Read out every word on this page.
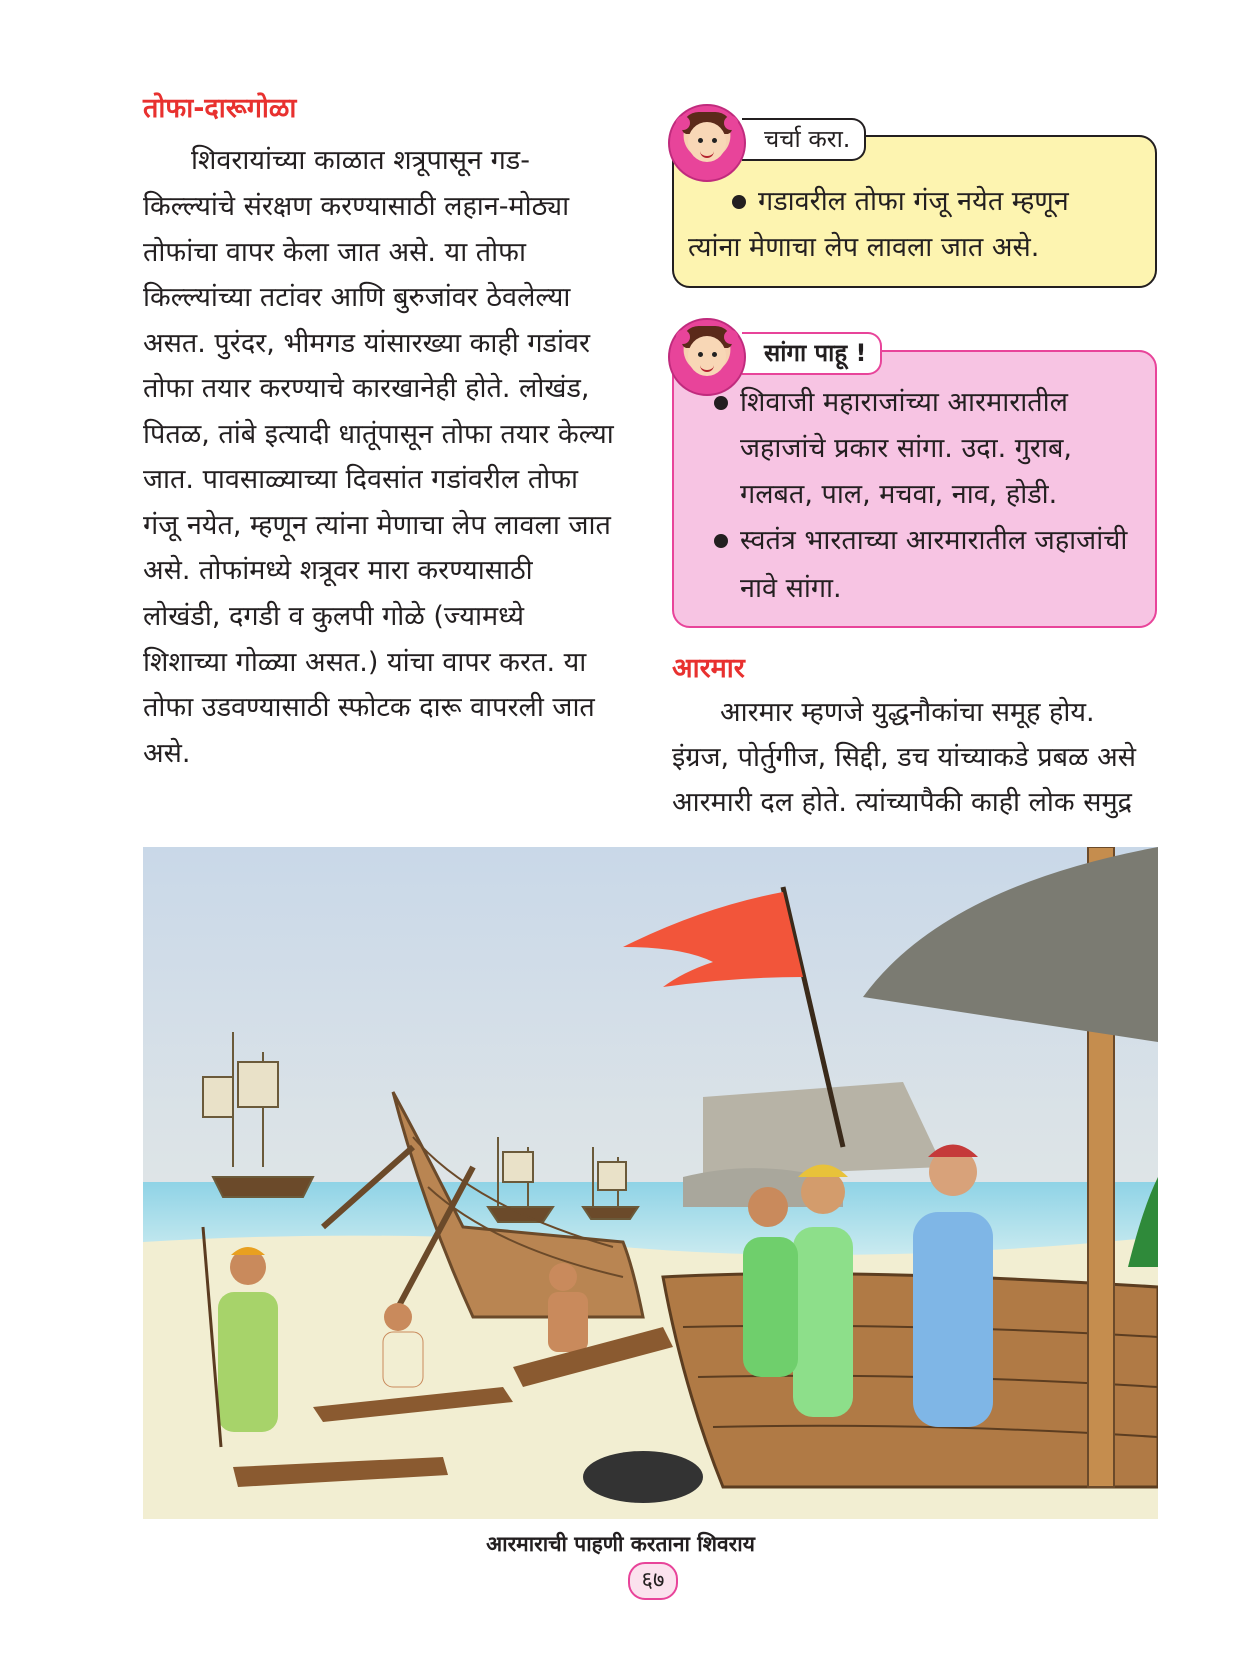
तोफा-दारूगोळा

शिवरायांच्या काळात शत्रूपासून गड-

किल्ल्यांचे संरक्षण करण्यासाठी लहान-मोठ्या

तोफांचा वापर केला जात असे. या तोफा

किल्ल्यांच्या तटांवर आणि बुरुजांवर ठेवलेल्या

असत. पुरंदर, भीमगड यांसारख्या काही गडांवर

तोफा तयार करण्याचे कारखानेही होते. लोखंड,

पितळ, तांबे इत्यादी धातूंपासून तोफा तयार केल्या

जात. पावसाळ्याच्या दिवसांत गडांवरील तोफा

गंजू नयेत, म्हणून त्यांना मेणाचा लेप लावला जात

असे. तोफांमध्ये शत्रूवर मारा करण्यासाठी

लोखंडी, दगडी व कुलपी गोळे (ज्यामध्ये

शिशाच्या गोळ्या असत.) यांचा वापर करत. या

तोफा उडवण्यासाठी स्फोटक दारू वापरली जात

असे.

गडावरील तोफा गंजू नयेत म्हणून

त्यांना मेणाचा लेप लावला जात असे.

चर्चा करा.

शिवाजी महाराजांच्या आरमारातील

जहाजांचे प्रकार सांगा. उदा. गुराब,

गलबत, पाल, मचवा, नाव, होडी.

स्वतंत्र भारताच्या आरमारातील जहाजांची

नावे सांगा.

सांगा पाहू !

आरमार

आरमार म्हणजे युद्धनौकांचा समूह होय.

इंग्रज, पोर्तुगीज, सिद्दी, डच यांच्याकडे प्रबळ असे

आरमारी दल होते. त्यांच्यापैकी काही लोक समुद्र

आरमाराची पाहणी करताना शिवराय

६७
